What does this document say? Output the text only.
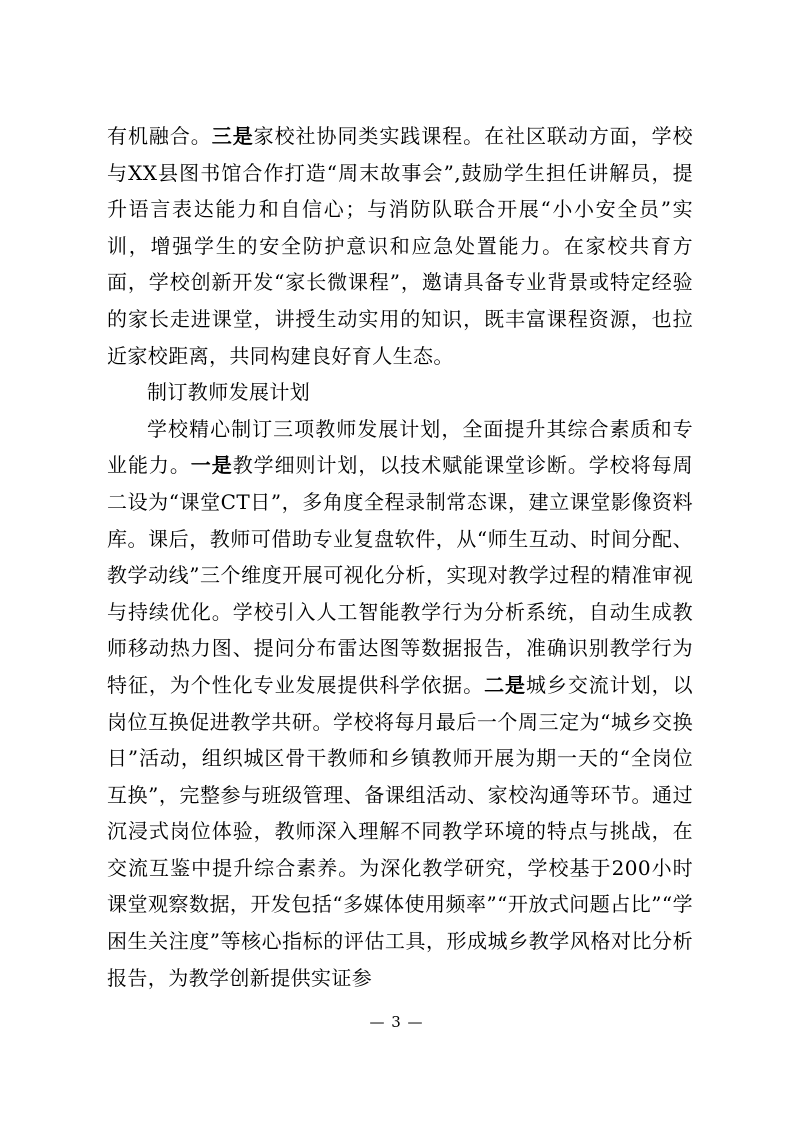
有机融合。三是家校社协同类实践课程。在社区联动方面，学校与XX县图书馆合作打造“周末故事会”,鼓励学生担任讲解员，提升语言表达能力和自信心；与消防队联合开展“小小安全员”实训，增强学生的安全防护意识和应急处置能力。在家校共育方面，学校创新开发“家长微课程”，邀请具备专业背景或特定经验的家长走进课堂，讲授生动实用的知识，既丰富课程资源，也拉近家校距离，共同构建良好育人生态。

制订教师发展计划

学校精心制订三项教师发展计划，全面提升其综合素质和专业能力。一是教学细则计划，以技术赋能课堂诊断。学校将每周二设为“课堂CT日”，多角度全程录制常态课，建立课堂影像资料库。课后，教师可借助专业复盘软件，从“师生互动、时间分配、教学动线”三个维度开展可视化分析，实现对教学过程的精准审视与持续优化。学校引入人工智能教学行为分析系统，自动生成教师移动热力图、提问分布雷达图等数据报告，准确识别教学行为特征，为个性化专业发展提供科学依据。二是城乡交流计划，以岗位互换促进教学共研。学校将每月最后一个周三定为“城乡交换日”活动，组织城区骨干教师和乡镇教师开展为期一天的“全岗位互换”，完整参与班级管理、备课组活动、家校沟通等环节。通过沉浸式岗位体验，教师深入理解不同教学环境的特点与挑战，在交流互鉴中提升综合素养。为深化教学研究，学校基于200小时课堂观察数据，开发包括“多媒体使用频率”“开放式问题占比”“学困生关注度”等核心指标的评估工具，形成城乡教学风格对比分析报告，为教学创新提供实证参

— 3 —
